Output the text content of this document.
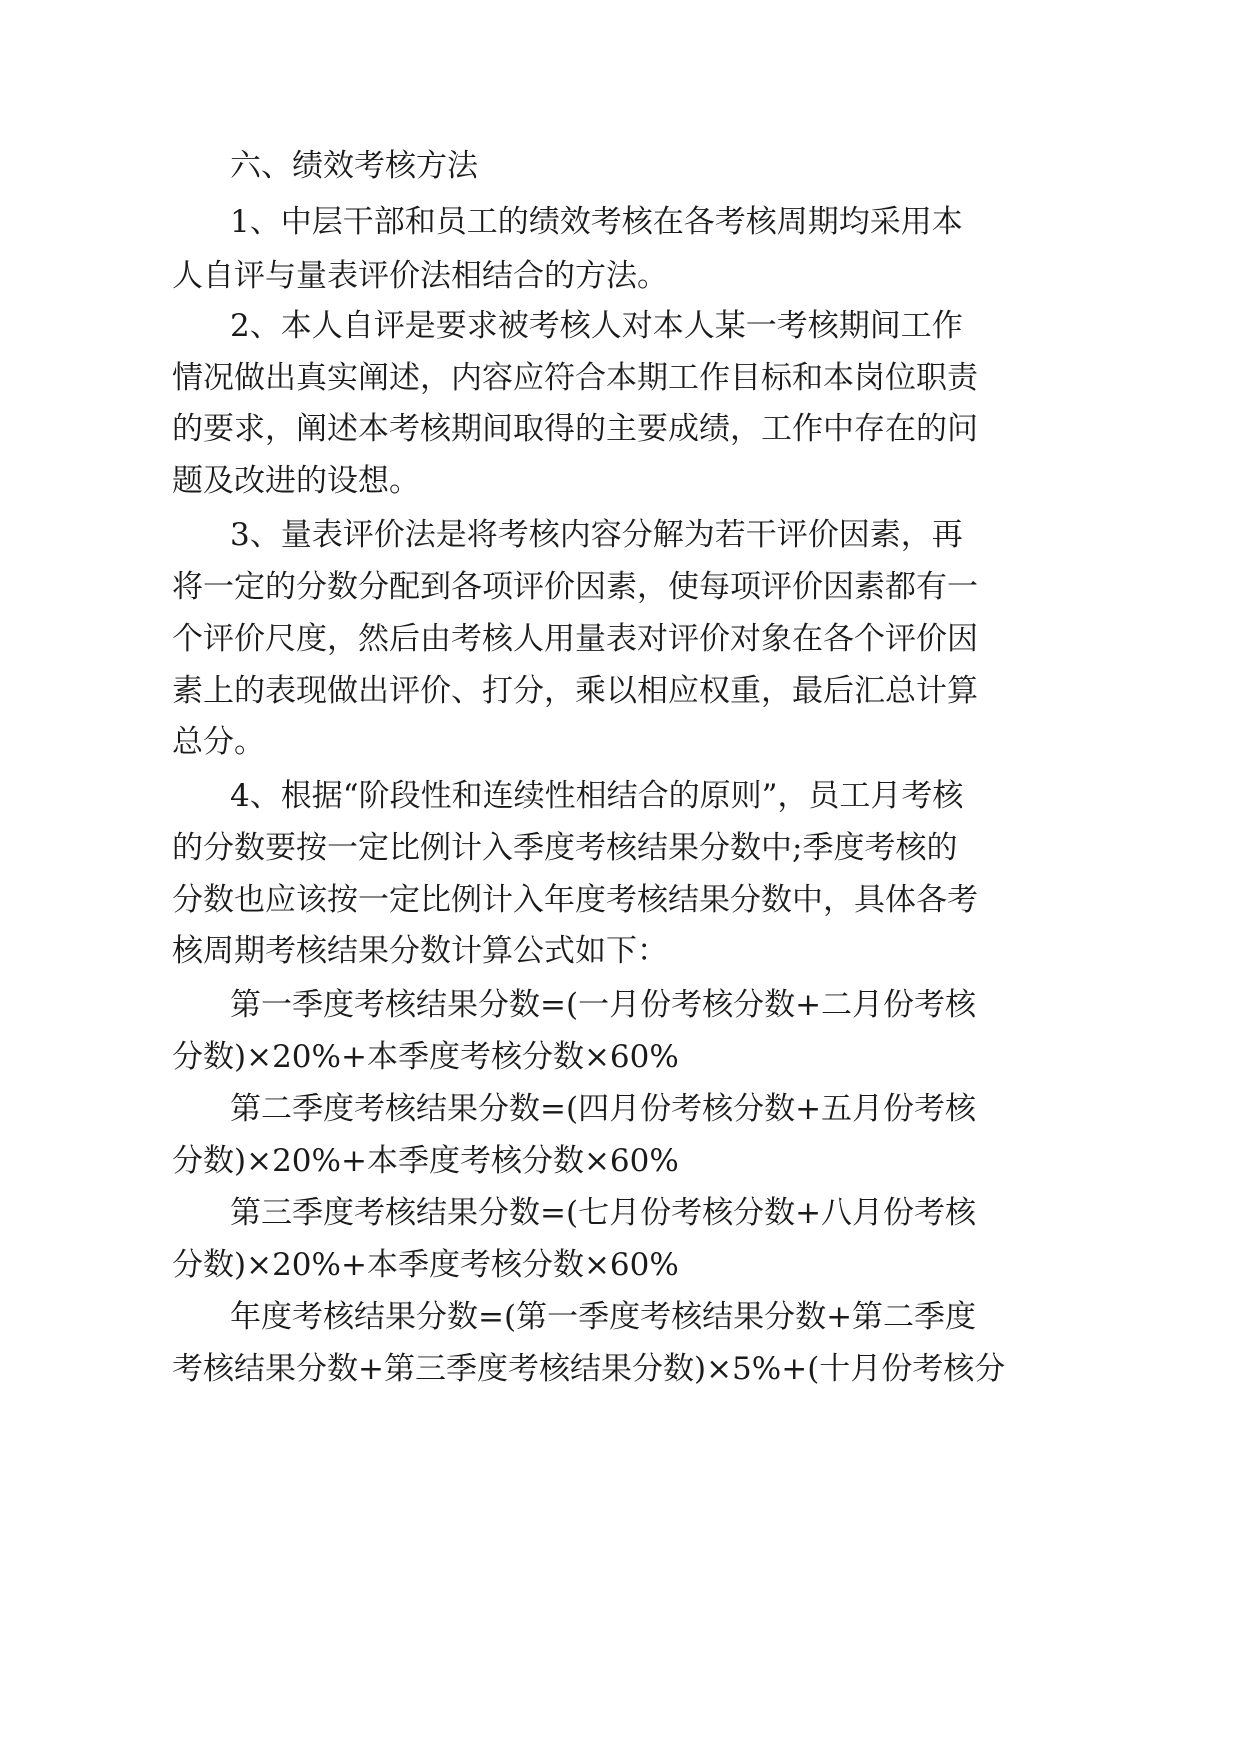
六、绩效考核方法
1、中层干部和员工的绩效考核在各考核周期均采用本
人自评与量表评价法相结合的方法。
2、本人自评是要求被考核人对本人某一考核期间工作
情况做出真实阐述，内容应符合本期工作目标和本岗位职责
的要求，阐述本考核期间取得的主要成绩，工作中存在的问
题及改进的设想。
3、量表评价法是将考核内容分解为若干评价因素，再
将一定的分数分配到各项评价因素，使每项评价因素都有一
个评价尺度，然后由考核人用量表对评价对象在各个评价因
素上的表现做出评价、打分，乘以相应权重，最后汇总计算
总分。
4、根据“阶段性和连续性相结合的原则”，员工月考核
的分数要按一定比例计入季度考核结果分数中;季度考核的
分数也应该按一定比例计入年度考核结果分数中，具体各考
核周期考核结果分数计算公式如下：
第一季度考核结果分数=(一月份考核分数+二月份考核
分数)×20%+本季度考核分数×60%
第二季度考核结果分数=(四月份考核分数+五月份考核
分数)×20%+本季度考核分数×60%
第三季度考核结果分数=(七月份考核分数+八月份考核
分数)×20%+本季度考核分数×60%
年度考核结果分数=(第一季度考核结果分数+第二季度
考核结果分数+第三季度考核结果分数)×5%+(十月份考核分
